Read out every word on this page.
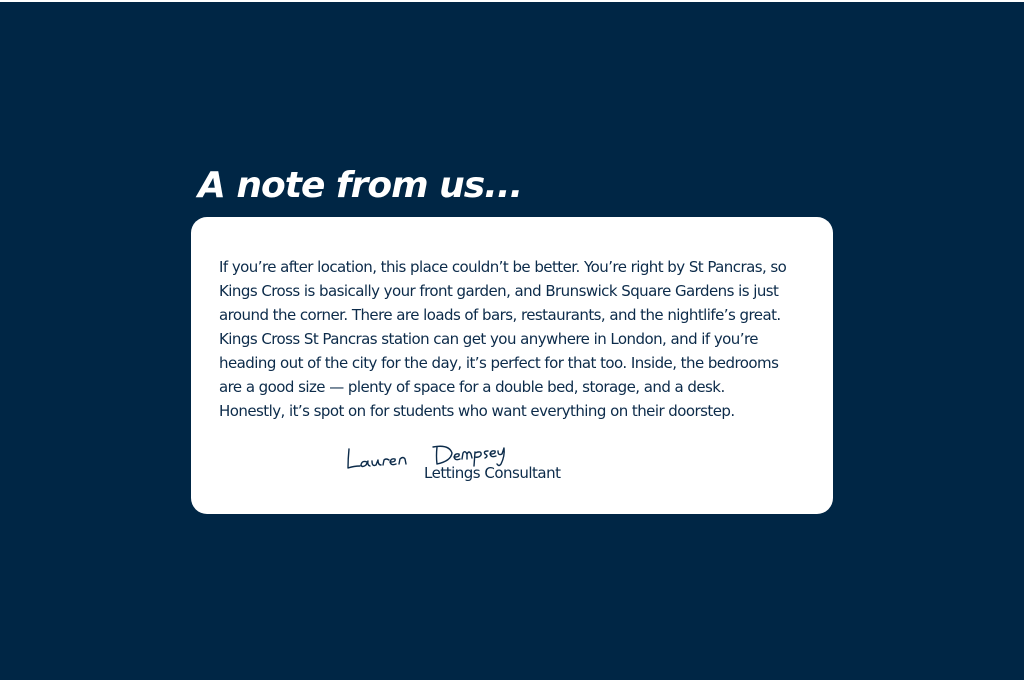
A note from us...

If you’re after location, this place couldn’t be better. You’re right by St Pancras, so Kings Cross is basically your front garden, and Brunswick Square Gardens is just around the corner. There are loads of bars, restaurants, and the nightlife’s great. Kings Cross St Pancras station can get you anywhere in London, and if you’re heading out of the city for the day, it’s perfect for that too. Inside, the bedrooms are a good size — plenty of space for a double bed, storage, and a desk. Honestly, it’s spot on for students who want everything on their doorstep.

Lettings Consultant
